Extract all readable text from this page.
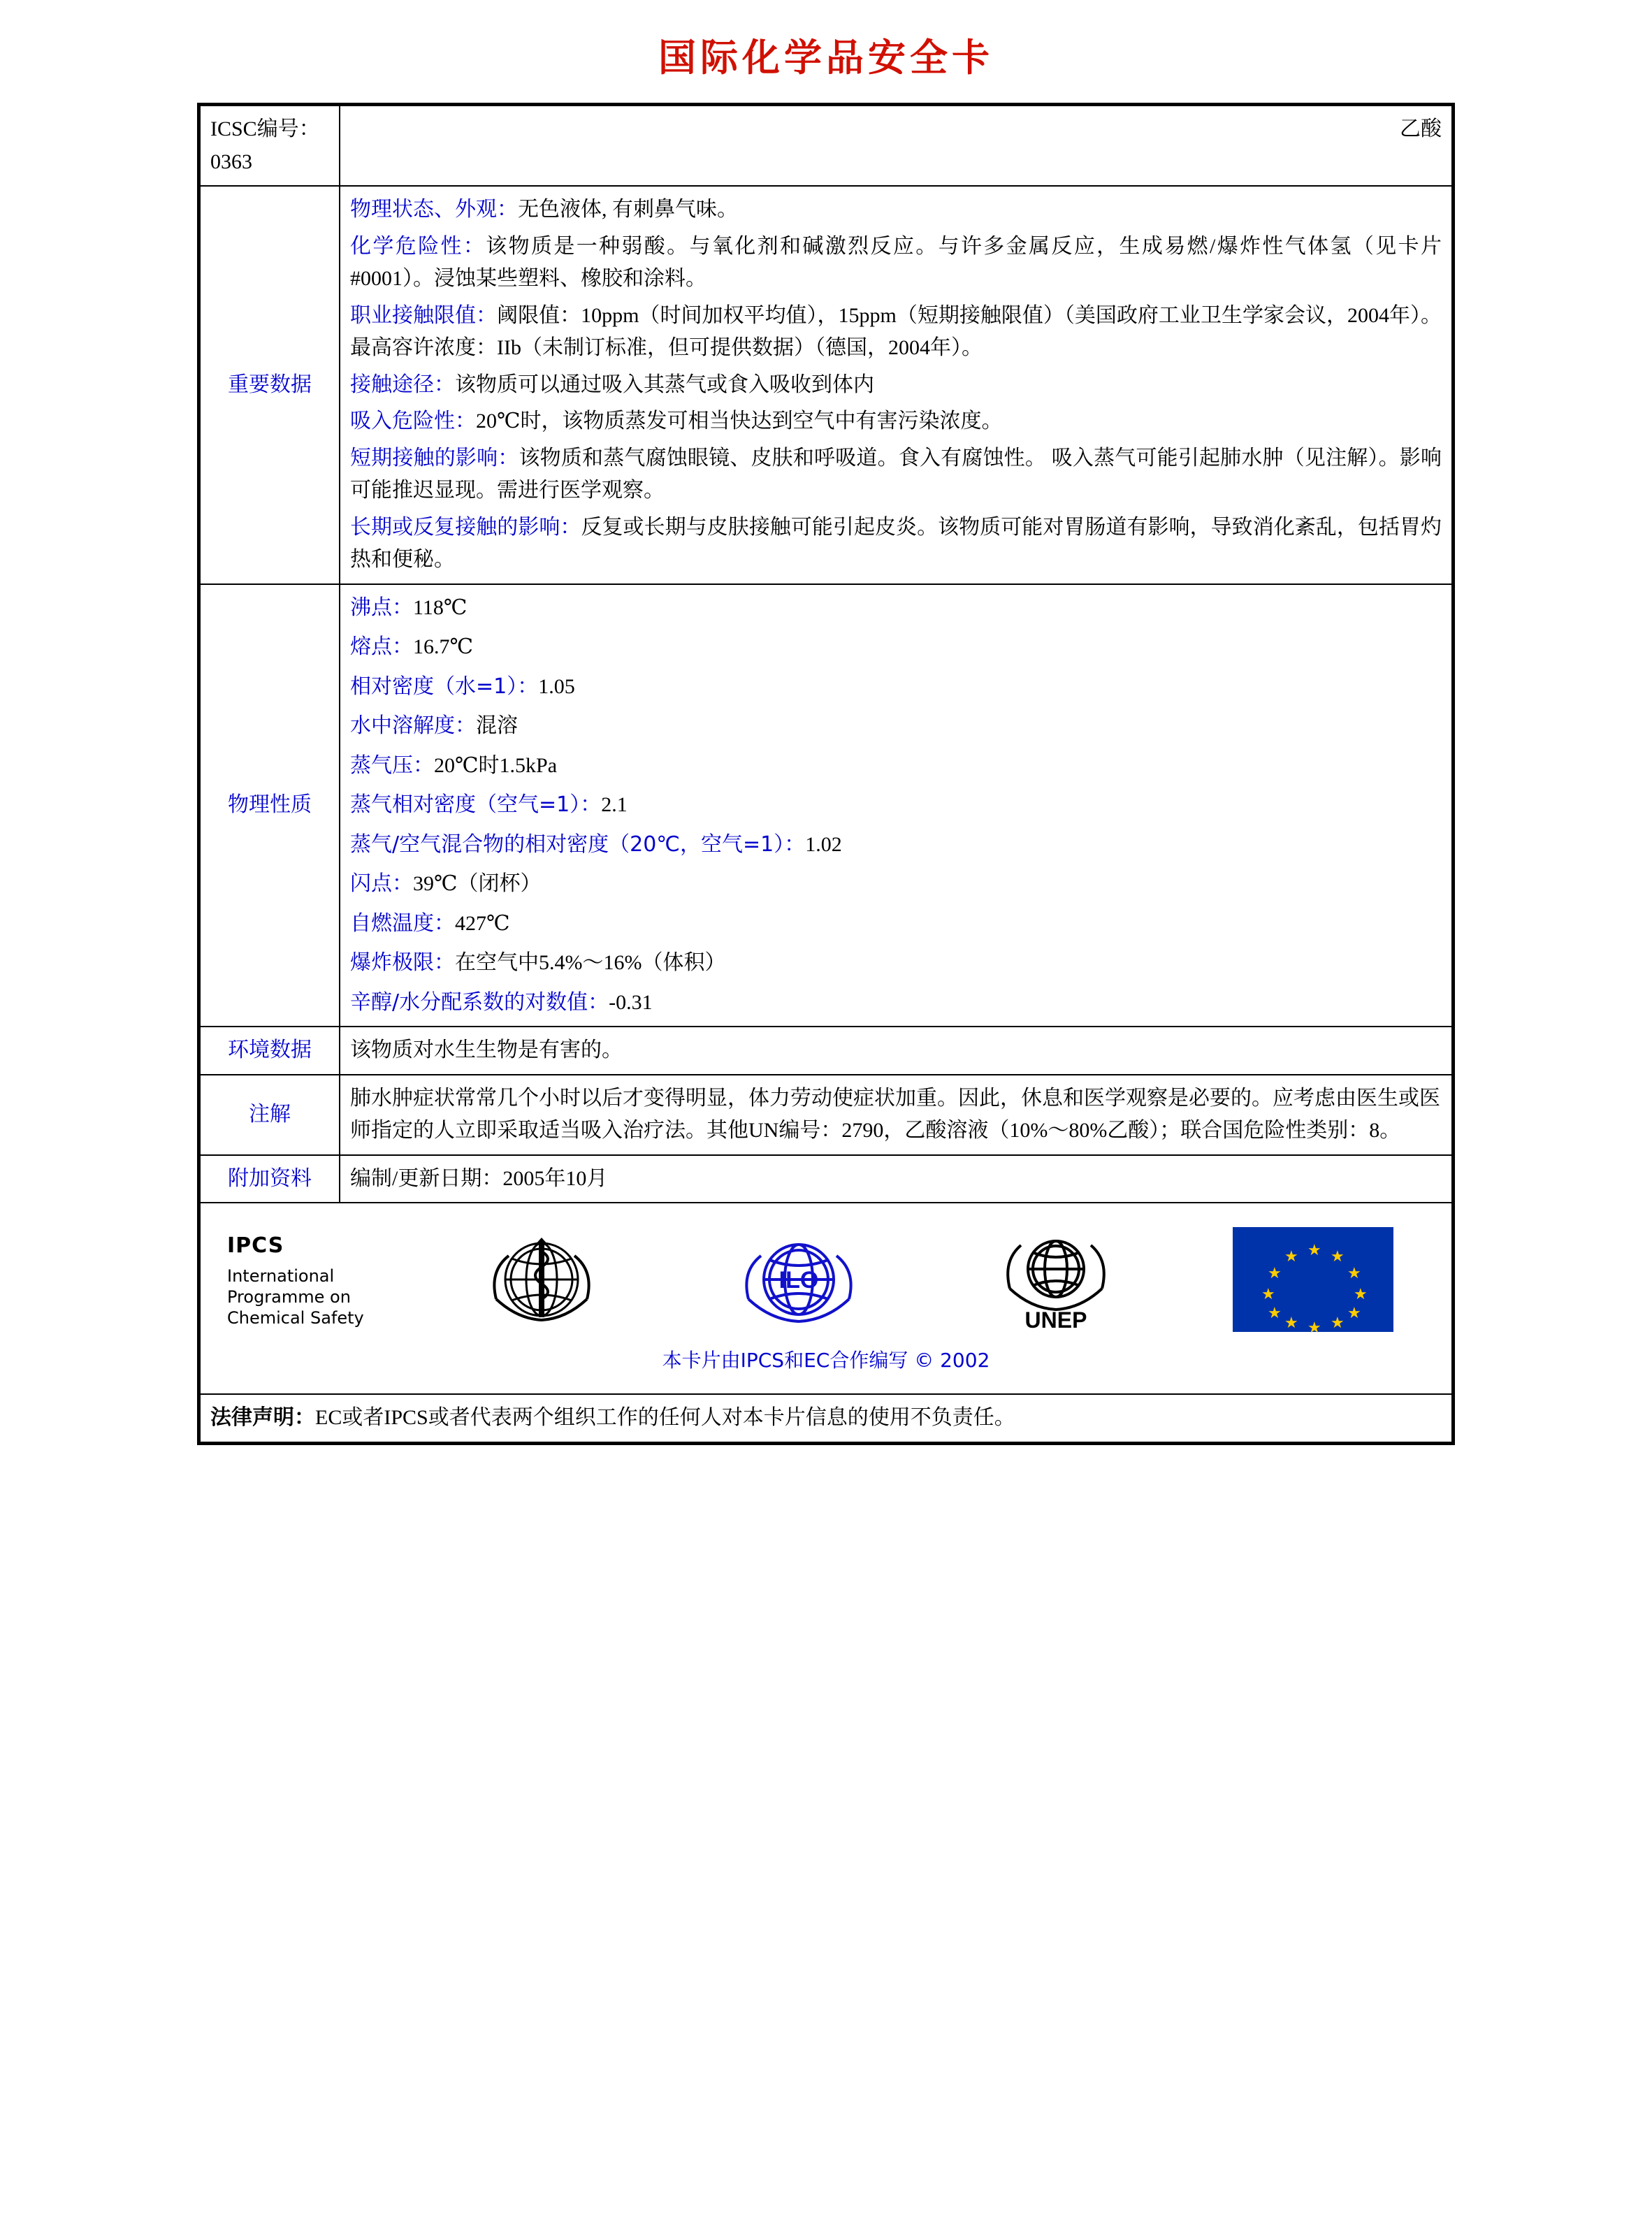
国际化学品安全卡
ICSC编号：0363	乙酸
重要数据	

物理状态、外观：无色液体, 有刺鼻气味。

化学危险性：该物质是一种弱酸。与氧化剂和碱激烈反应。与许多金属反应，生成易燃/爆炸性气体氢（见卡片#0001）。浸蚀某些塑料、橡胶和涂料。

职业接触限值：阈限值：10ppm（时间加权平均值），15ppm（短期接触限值）（美国政府工业卫生学家会议，2004年）。最高容许浓度：IIb（未制订标准，但可提供数据）（德国，2004年）。

接触途径：该物质可以通过吸入其蒸气或食入吸收到体内

吸入危险性：20℃时，该物质蒸发可相当快达到空气中有害污染浓度。

短期接触的影响：该物质和蒸气腐蚀眼镜、皮肤和呼吸道。食入有腐蚀性。 吸入蒸气可能引起肺水肿（见注解）。影响可能推迟显现。需进行医学观察。

长期或反复接触的影响：反复或长期与皮肤接触可能引起皮炎。该物质可能对胃肠道有影响，导致消化紊乱，包括胃灼热和便秘。

物理性质	
沸点：118℃
熔点：16.7℃
相对密度（水=1）：1.05
水中溶解度：混溶
蒸气压：20℃时1.5kPa
蒸气相对密度（空气=1）：2.1
蒸气/空气混合物的相对密度（20℃，空气=1）：1.02
闪点：39℃（闭杯）
自燃温度：427℃
爆炸极限：在空气中5.4%～16%（体积）
辛醇/水分配系数的对数值：-0.31

环境数据	该物质对水生生物是有害的。
注解	肺水肿症状常常几个小时以后才变得明显，体力劳动使症状加重。因此，休息和医学观察是必要的。应考虑由医生或医师指定的人立即采取适当吸入治疗法。其他UN编号：2790，乙酸溶液（10%～80%乙酸）；联合国危险性类别：8。
附加资料	编制/更新日期：2005年10月

IPCS
International Programme on Chemical Safety
ILO
UNEP
★
★ ★
★	★
★	★
★	★
★ ★
★
本卡片由IPCS和EC合作编写 © 2002

法律声明：EC或者IPCS或者代表两个组织工作的任何人对本卡片信息的使用不负责任。	
